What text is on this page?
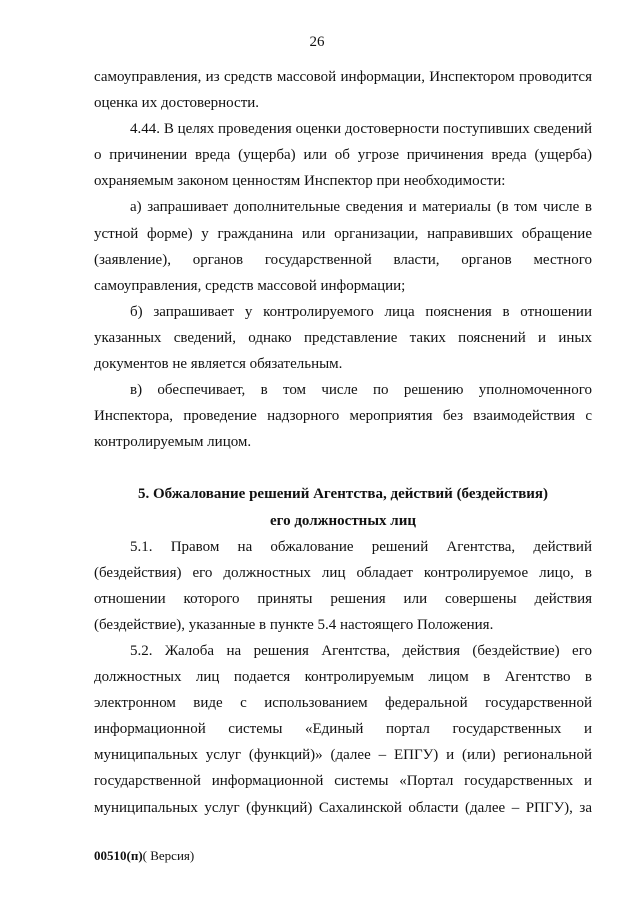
26

самоуправления, из средств массовой информации, Инспектором проводится оценка их достоверности.

4.44. В целях проведения оценки достоверности поступивших сведений о причинении вреда (ущерба) или об угрозе причинения вреда (ущерба) охраняемым законом ценностям Инспектор при необходимости:

а) запрашивает дополнительные сведения и материалы (в том числе в устной форме) у гражданина или организации, направивших обращение (заявление), органов государственной власти, органов местного самоуправления, средств массовой информации;

б) запрашивает у контролируемого лица пояснения в отношении указанных сведений, однако представление таких пояснений и иных документов не является обязательным.

в) обеспечивает, в том числе по решению уполномоченного Инспектора, проведение надзорного мероприятия без взаимодействия с контролируемым лицом.

5. Обжалование решений Агентства, действий (бездействия)

его должностных лиц

5.1. Правом на обжалование решений Агентства, действий (бездействия) его должностных лиц обладает контролируемое лицо, в отношении которого приняты решения или совершены действия (бездействие), указанные в пункте 5.4 настоящего Положения.

5.2. Жалоба на решения Агентства, действия (бездействие) его должностных лиц подается контролируемым лицом в Агентство в электронном виде с использованием федеральной государственной информационной системы «Единый портал государственных и муниципальных услуг (функций)» (далее – ЕПГУ) и (или) региональной государственной информационной системы «Портал государственных и муниципальных услуг (функций) Сахалинской области (далее – РПГУ), за

00510(п)( Версия)
